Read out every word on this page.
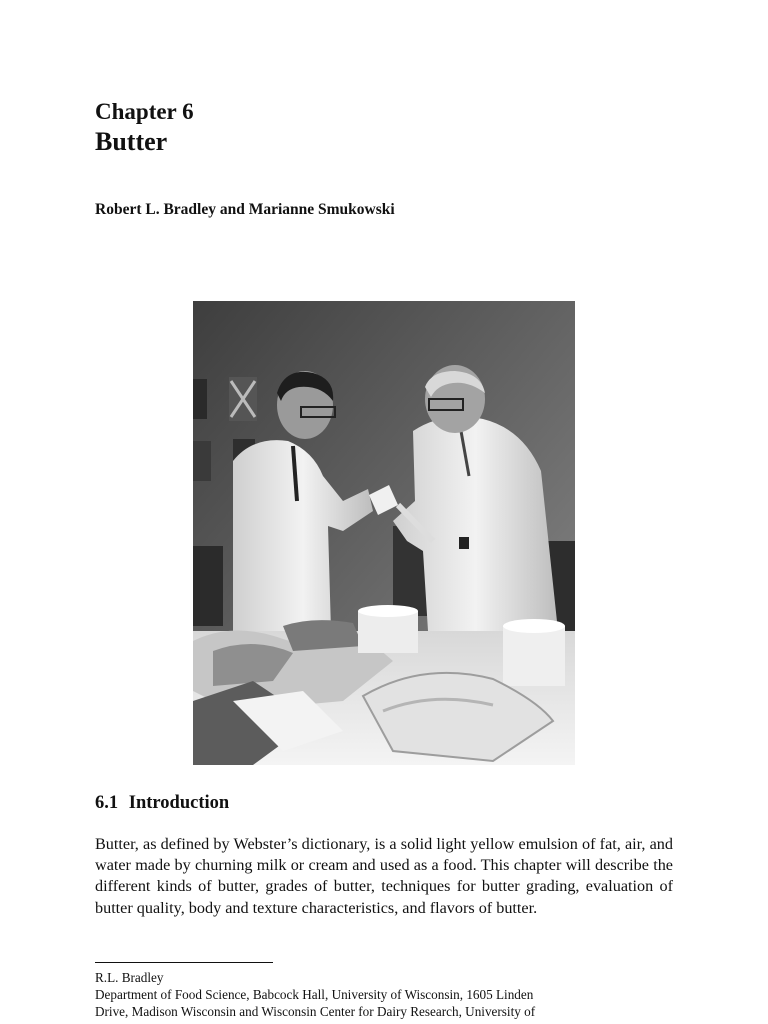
Chapter 6
Butter
Robert L. Bradley and Marianne Smukowski
6.1 Introduction

Butter, as defined by Webster’s dictionary, is a solid light yellow emulsion of fat, air, and water made by churning milk or cream and used as a food. This chapter will describe the different kinds of butter, grades of butter, techniques for butter grading, evaluation of butter quality, body and texture characteristics, and flavors of butter.

R.L. Bradley
Department of Food Science, Babcock Hall, University of Wisconsin, 1605 Linden
Drive, Madison Wisconsin and Wisconsin Center for Dairy Research, University of
